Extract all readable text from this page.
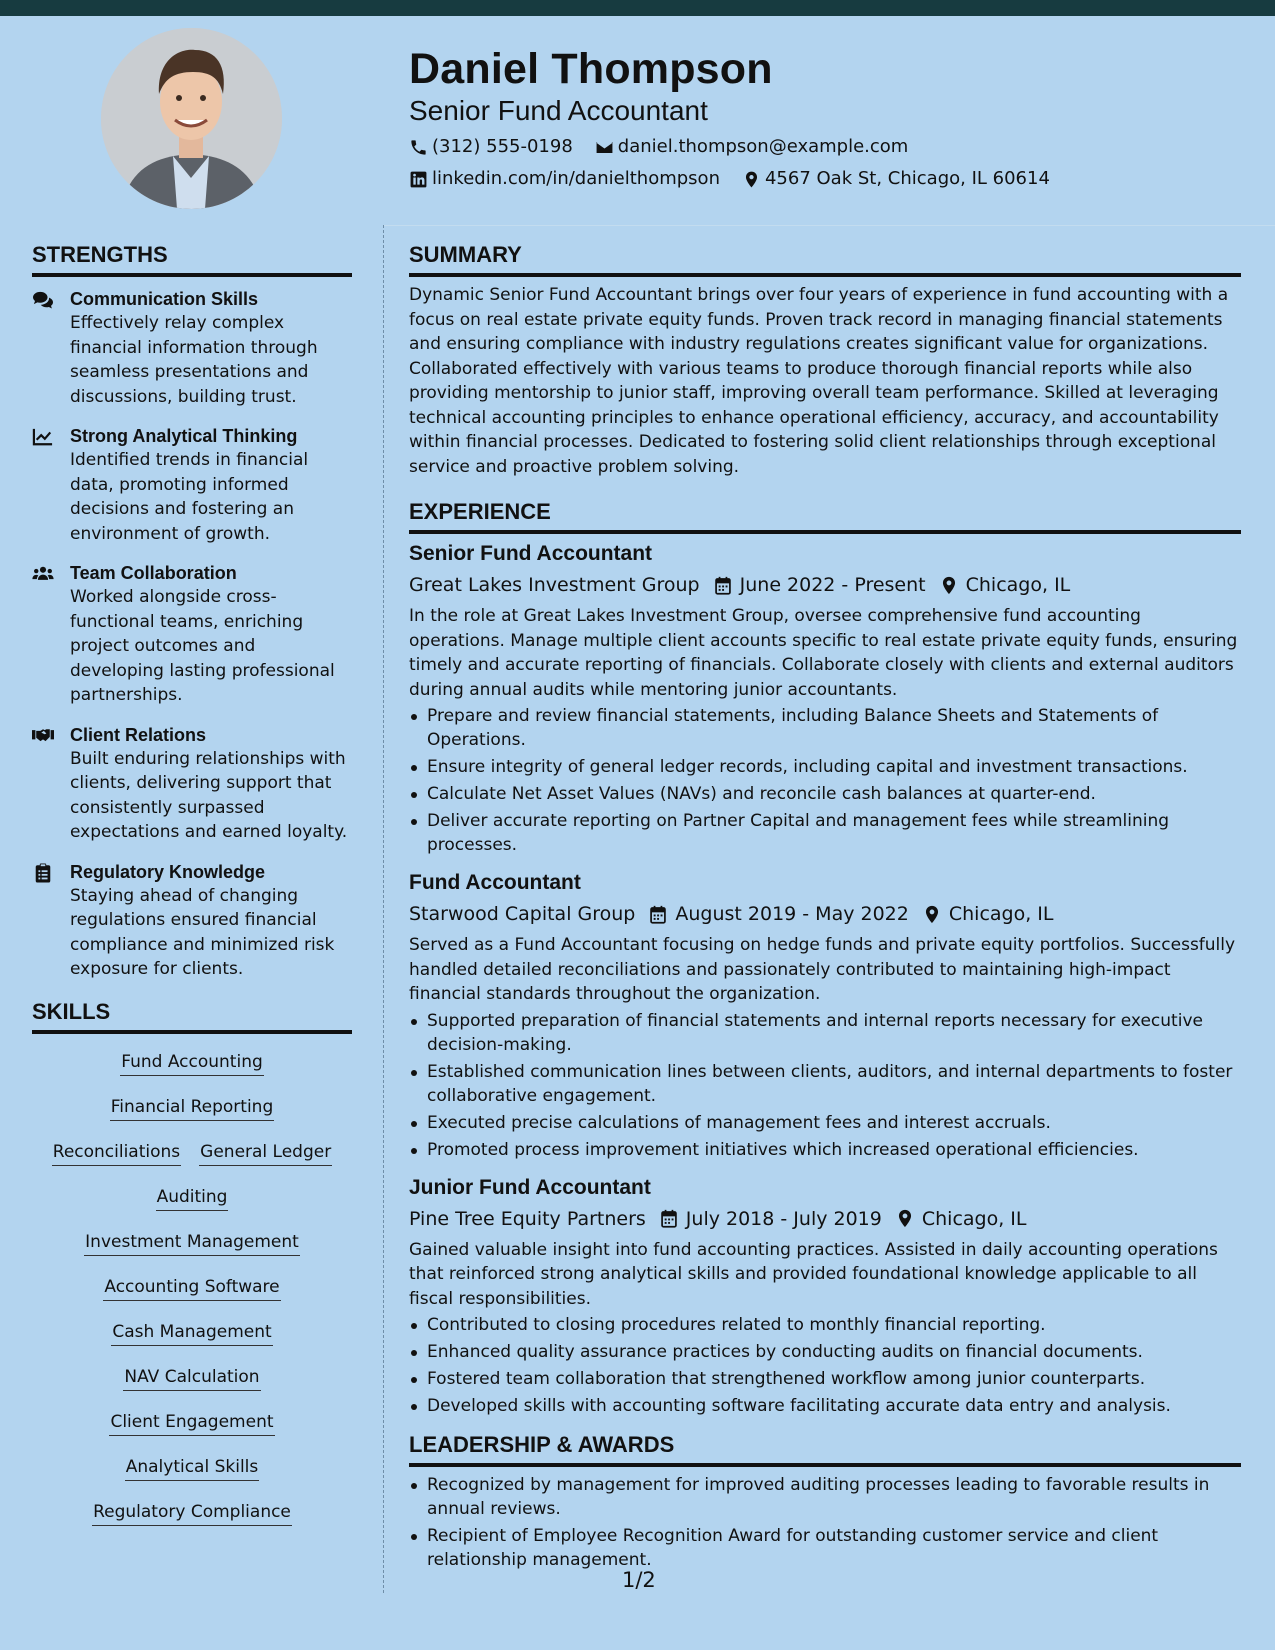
Daniel Thompson
Senior Fund Accountant
(312) 555-0198	daniel.thompson@example.com
linkedin.com/in/danielthompson	4567 Oak St, Chicago, IL 60614
STRENGTHS
Communication Skills
Effectively relay complex financial information through seamless presentations and discussions, building trust.
Strong Analytical Thinking
Identified trends in financial data, promoting informed decisions and fostering an environment of growth.
Team Collaboration
Worked alongside cross-functional teams, enriching project outcomes and developing lasting professional partnerships.
Client Relations
Built enduring relationships with clients, delivering support that consistently surpassed expectations and earned loyalty.
Regulatory Knowledge
Staying ahead of changing regulations ensured financial compliance and minimized risk exposure for clients.
SKILLS
Fund Accounting
Financial Reporting
Reconciliations General Ledger
Auditing
Investment Management
Accounting Software
Cash Management
NAV Calculation
Client Engagement
Analytical Skills
Regulatory Compliance
SUMMARY
Dynamic Senior Fund Accountant brings over four years of experience in fund accounting with a focus on real estate private equity funds. Proven track record in managing financial statements and ensuring compliance with industry regulations creates significant value for organizations. Collaborated effectively with various teams to produce thorough financial reports while also providing mentorship to junior staff, improving overall team performance. Skilled at leveraging technical accounting principles to enhance operational efficiency, accuracy, and accountability within financial processes. Dedicated to fostering solid client relationships through exceptional service and proactive problem solving.
EXPERIENCE
Senior Fund Accountant
Great Lakes Investment Group June 2022 - Present Chicago, IL
In the role at Great Lakes Investment Group, oversee comprehensive fund accounting operations. Manage multiple client accounts specific to real estate private equity funds, ensuring timely and accurate reporting of financials. Collaborate closely with clients and external auditors during annual audits while mentoring junior accountants.
Prepare and review financial statements, including Balance Sheets and Statements of Operations.
Ensure integrity of general ledger records, including capital and investment transactions.
Calculate Net Asset Values (NAVs) and reconcile cash balances at quarter-end.
Deliver accurate reporting on Partner Capital and management fees while streamlining processes.
Fund Accountant
Starwood Capital Group August 2019 - May 2022 Chicago, IL
Served as a Fund Accountant focusing on hedge funds and private equity portfolios. Successfully handled detailed reconciliations and passionately contributed to maintaining high-impact financial standards throughout the organization.
Supported preparation of financial statements and internal reports necessary for executive decision-making.
Established communication lines between clients, auditors, and internal departments to foster collaborative engagement.
Executed precise calculations of management fees and interest accruals.
Promoted process improvement initiatives which increased operational efficiencies.
Junior Fund Accountant
Pine Tree Equity Partners July 2018 - July 2019 Chicago, IL
Gained valuable insight into fund accounting practices. Assisted in daily accounting operations that reinforced strong analytical skills and provided foundational knowledge applicable to all fiscal responsibilities.
Contributed to closing procedures related to monthly financial reporting.
Enhanced quality assurance practices by conducting audits on financial documents.
Fostered team collaboration that strengthened workflow among junior counterparts.
Developed skills with accounting software facilitating accurate data entry and analysis.
LEADERSHIP & AWARDS
Recognized by management for improved auditing processes leading to favorable results in annual reviews.
Recipient of Employee Recognition Award for outstanding customer service and client relationship management.
1/2
